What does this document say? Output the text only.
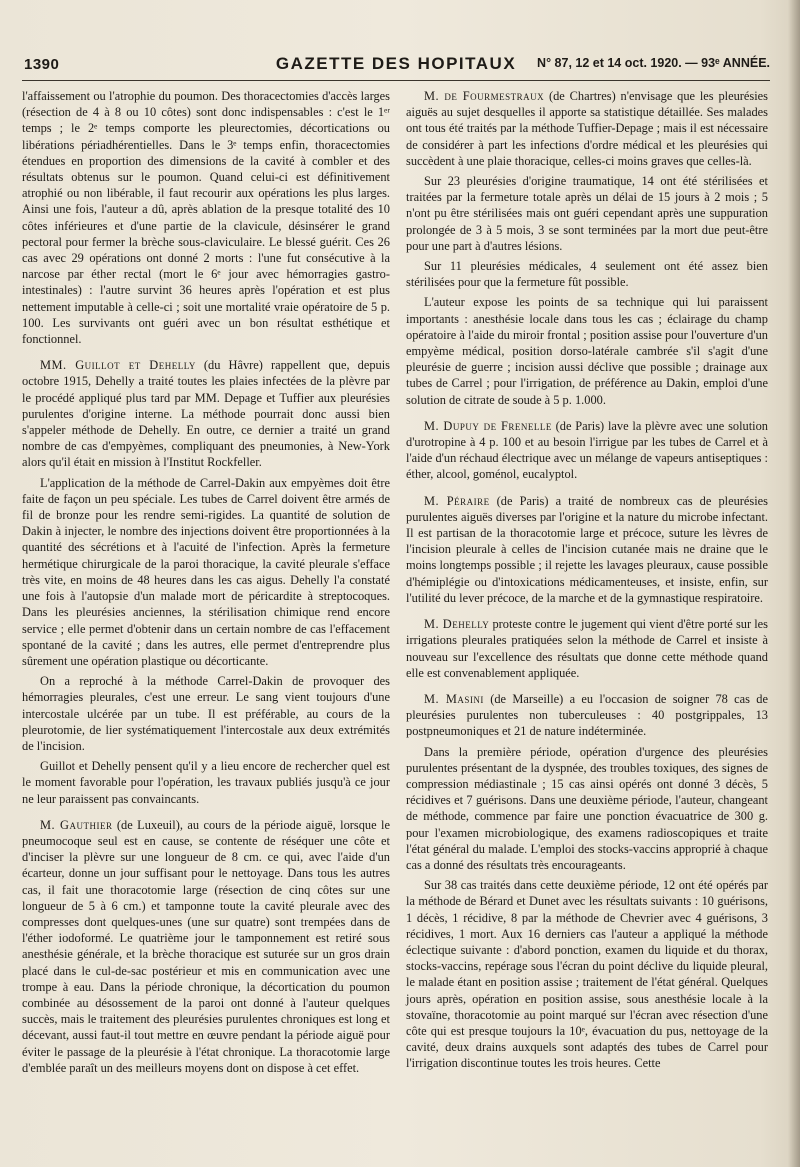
1390	GAZETTE DES HOPITAUX	N° 87, 12 et 14 oct. 1920. — 93ᵉ ANNÉE.

l'affaissement ou l'atrophie du poumon. Des thoracectomies d'accès larges (résection de 4 à 8 ou 10 côtes) sont donc indispensables : c'est le 1ᵉʳ temps ; le 2ᵉ temps comporte les pleurectomies, décortications ou libérations périadhérentielles. Dans le 3ᵉ temps enfin, thoracectomies étendues en proportion des dimensions de la cavité à combler et des résultats obtenus sur le poumon. Quand celui-ci est définitivement atrophié ou non libérable, il faut recourir aux opérations les plus larges. Ainsi une fois, l'auteur a dû, après ablation de la presque totalité des 10 côtes inférieures et d'une partie de la clavicule, désinsérer le grand pectoral pour fermer la brèche sous-claviculaire. Le blessé guérit. Ces 26 cas avec 29 opérations ont donné 2 morts : l'une fut consécutive à la narcose par éther rectal (mort le 6ᵉ jour avec hémorragies gastro-intestinales) : l'autre survint 36 heures après l'opération et est plus nettement imputable à celle-ci ; soit une mortalité vraie opératoire de 5 p. 100. Les survivants ont guéri avec un bon résultat esthétique et fonctionnel.

MM. Guillot et Dehelly (du Hâvre) rappellent que, depuis octobre 1915, Dehelly a traité toutes les plaies infectées de la plèvre par le procédé appliqué plus tard par MM. Depage et Tuffier aux pleurésies purulentes d'origine interne. La méthode pourrait donc aussi bien s'appeler méthode de Dehelly. En outre, ce dernier a traité un grand nombre de cas d'empyèmes, compliquant des pneumonies, à New-York alors qu'il était en mission à l'Institut Rockfeller.

L'application de la méthode de Carrel-Dakin aux empyèmes doit être faite de façon un peu spéciale. Les tubes de Carrel doivent être armés de fil de bronze pour les rendre semi-rigides. La quantité de solution de Dakin à injecter, le nombre des injections doivent être proportionnées à la quantité des sécrétions et à l'acuité de l'infection. Après la fermeture hermétique chirurgicale de la paroi thoracique, la cavité pleurale s'efface très vite, en moins de 48 heures dans les cas aigus. Dehelly l'a constaté une fois à l'autopsie d'un malade mort de péricardite à streptocoques. Dans les pleurésies anciennes, la stérilisation chimique rend encore service ; elle permet d'obtenir dans un certain nombre de cas l'effacement spontané de la cavité ; dans les autres, elle permet d'entreprendre plus sûrement une opération plastique ou décorticante.

On a reproché à la méthode Carrel-Dakin de provoquer des hémorragies pleurales, c'est une erreur. Le sang vient toujours d'une intercostale ulcérée par un tube. Il est préférable, au cours de la pleurotomie, de lier systématiquement l'intercostale aux deux extrémités de l'incision.

Guillot et Dehelly pensent qu'il y a lieu encore de rechercher quel est le moment favorable pour l'opération, les travaux publiés jusqu'à ce jour ne leur paraissent pas convaincants.

M. Gauthier (de Luxeuil), au cours de la période aiguë, lorsque le pneumocoque seul est en cause, se contente de réséquer une côte et d'inciser la plèvre sur une longueur de 8 cm. ce qui, avec l'aide d'un écarteur, donne un jour suffisant pour le nettoyage. Dans tous les autres cas, il fait une thoracotomie large (résection de cinq côtes sur une longueur de 5 à 6 cm.) et tamponne toute la cavité pleurale avec des compresses dont quelques-unes (une sur quatre) sont trempées dans de l'éther iodoformé. Le quatrième jour le tamponnement est retiré sous anesthésie générale, et la brèche thoracique est suturée sur un gros drain placé dans le cul-de-sac postérieur et mis en communication avec une trompe à eau. Dans la période chronique, la décortication du poumon combinée au désossement de la paroi ont donné à l'auteur quelques succès, mais le traitement des pleurésies purulentes chroniques est long et décevant, aussi faut-il tout mettre en œuvre pendant la période aiguë pour éviter le passage de la pleurésie à l'état chronique. La thoracotomie large d'emblée paraît un des meilleurs moyens dont on dispose à cet effet.

M. de Fourmestraux (de Chartres) n'envisage que les pleurésies aiguës au sujet desquelles il apporte sa statistique détaillée. Ses malades ont tous été traités par la méthode Tuffier-Depage ; mais il est nécessaire de considérer à part les infections d'ordre médical et les pleurésies qui succèdent à une plaie thoracique, celles-ci moins graves que celles-là.

Sur 23 pleurésies d'origine traumatique, 14 ont été stérilisées et traitées par la fermeture totale après un délai de 15 jours à 2 mois ; 5 n'ont pu être stérilisées mais ont guéri cependant après une suppuration prolongée de 3 à 5 mois, 3 se sont terminées par la mort due peut-être pour une part à d'autres lésions.

Sur 11 pleurésies médicales, 4 seulement ont été assez bien stérilisées pour que la fermeture fût possible.

L'auteur expose les points de sa technique qui lui paraissent importants : anesthésie locale dans tous les cas ; éclairage du champ opératoire à l'aide du miroir frontal ; position assise pour l'ouverture d'un empyème médical, position dorso-latérale cambrée s'il s'agit d'une pleurésie de guerre ; incision aussi déclive que possible ; drainage aux tubes de Carrel ; pour l'irrigation, de préférence au Dakin, emploi d'une solution de citrate de soude à 5 p. 1.000.

M. Dupuy de Frenelle (de Paris) lave la plèvre avec une solution d'urotropine à 4 p. 100 et au besoin l'irrigue par les tubes de Carrel et à l'aide d'un réchaud électrique avec un mélange de vapeurs antiseptiques : éther, alcool, goménol, eucalyptol.

M. Péraire (de Paris) a traité de nombreux cas de pleurésies purulentes aiguës diverses par l'origine et la nature du microbe infectant. Il est partisan de la thoracotomie large et précoce, suture les lèvres de l'incision pleurale à celles de l'incision cutanée mais ne draine que le moins longtemps possible ; il rejette les lavages pleuraux, cause possible d'hémiplégie ou d'intoxications médicamenteuses, et insiste, enfin, sur l'utilité du lever précoce, de la marche et de la gymnastique respiratoire.

M. Dehelly proteste contre le jugement qui vient d'être porté sur les irrigations pleurales pratiquées selon la méthode de Carrel et insiste à nouveau sur l'excellence des résultats que donne cette méthode quand elle est convenablement appliquée.

M. Masini (de Marseille) a eu l'occasion de soigner 78 cas de pleurésies purulentes non tuberculeuses : 40 postgrippales, 13 postpneumoniques et 21 de nature indéterminée.

Dans la première période, opération d'urgence des pleurésies purulentes présentant de la dyspnée, des troubles toxiques, des signes de compression médiastinale ; 15 cas ainsi opérés ont donné 3 décès, 5 récidives et 7 guérisons. Dans une deuxième période, l'auteur, changeant de méthode, commence par faire une ponction évacuatrice de 300 g. pour l'examen microbiologique, des examens radioscopiques et traite l'état général du malade. L'emploi des stocks-vaccins approprié à chaque cas a donné des résultats très encourageants.

Sur 38 cas traités dans cette deuxième période, 12 ont été opérés par la méthode de Bérard et Dunet avec les résultats suivants : 10 guérisons, 1 décès, 1 récidive, 8 par la méthode de Chevrier avec 4 guérisons, 3 récidives, 1 mort. Aux 16 derniers cas l'auteur a appliqué la méthode éclectique suivante : d'abord ponction, examen du liquide et du thorax, stocks-vaccins, repérage sous l'écran du point déclive du liquide pleural, le malade étant en position assise ; traitement de l'état général. Quelques jours après, opération en position assise, sous anesthésie locale à la stovaïne, thoracotomie au point marqué sur l'écran avec résection d'une côte qui est presque toujours la 10ᵉ, évacuation du pus, nettoyage de la cavité, deux drains auxquels sont adaptés des tubes de Carrel pour l'irrigation discontinue toutes les trois heures. Cette
